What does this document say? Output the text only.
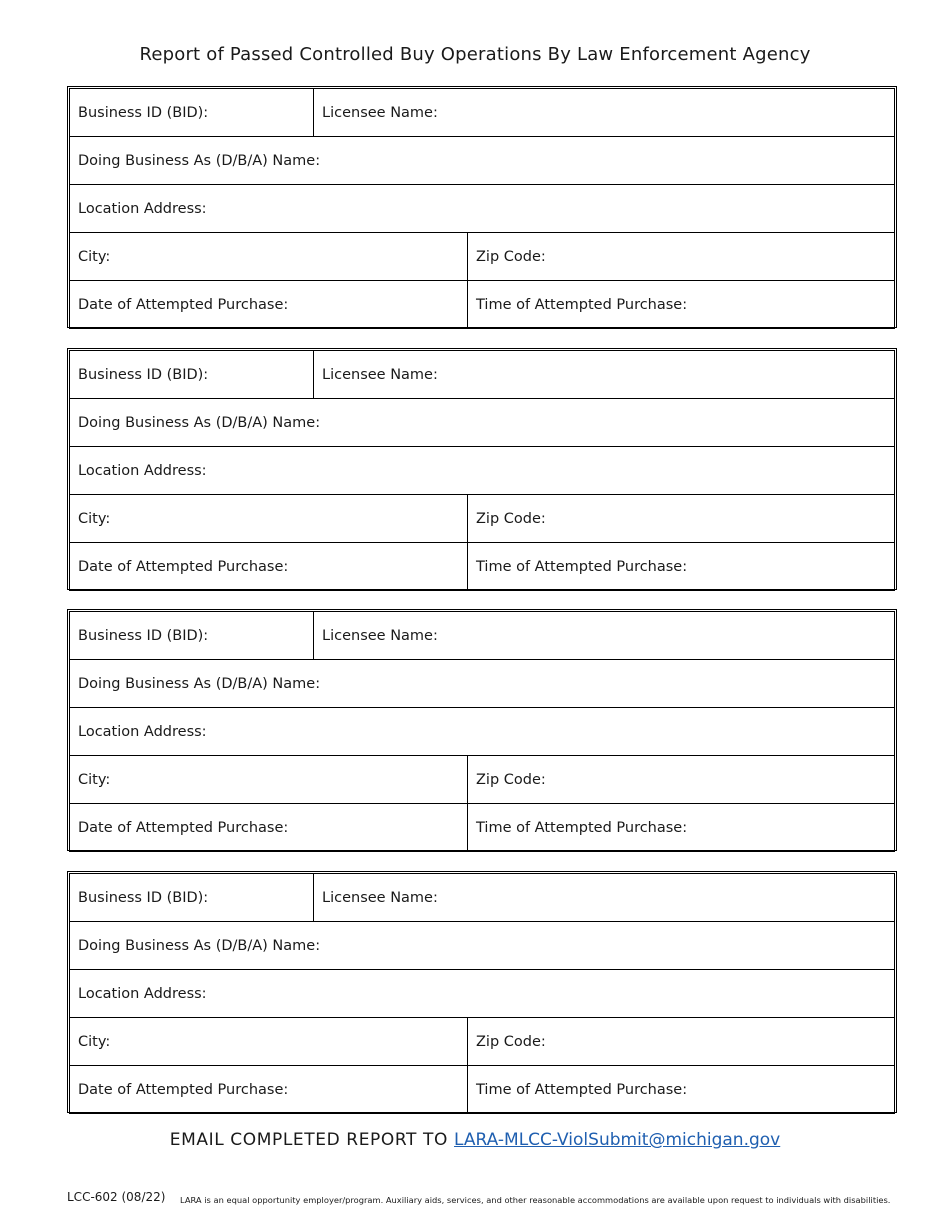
Report of Passed Controlled Buy Operations By Law Enforcement Agency
Business ID (BID):	Licensee Name:	
Doing Business As (D/B/A) Name:		
Location Address:		
City:		Zip Code:
Date of Attempted Purchase:		Time of Attempted Purchase:
Business ID (BID):	Licensee Name:	
Doing Business As (D/B/A) Name:		
Location Address:		
City:		Zip Code:
Date of Attempted Purchase:		Time of Attempted Purchase:
Business ID (BID):	Licensee Name:	
Doing Business As (D/B/A) Name:		
Location Address:		
City:		Zip Code:
Date of Attempted Purchase:		Time of Attempted Purchase:
Business ID (BID):	Licensee Name:	
Doing Business As (D/B/A) Name:		
Location Address:		
City:		Zip Code:
Date of Attempted Purchase:		Time of Attempted Purchase:
EMAIL COMPLETED REPORT TO LARA-MLCC-ViolSubmit@michigan.gov
LCC-602 (08/22) LARA is an equal opportunity employer/program. Auxiliary aids, services, and other reasonable accommodations are available upon request to individuals with disabilities.
